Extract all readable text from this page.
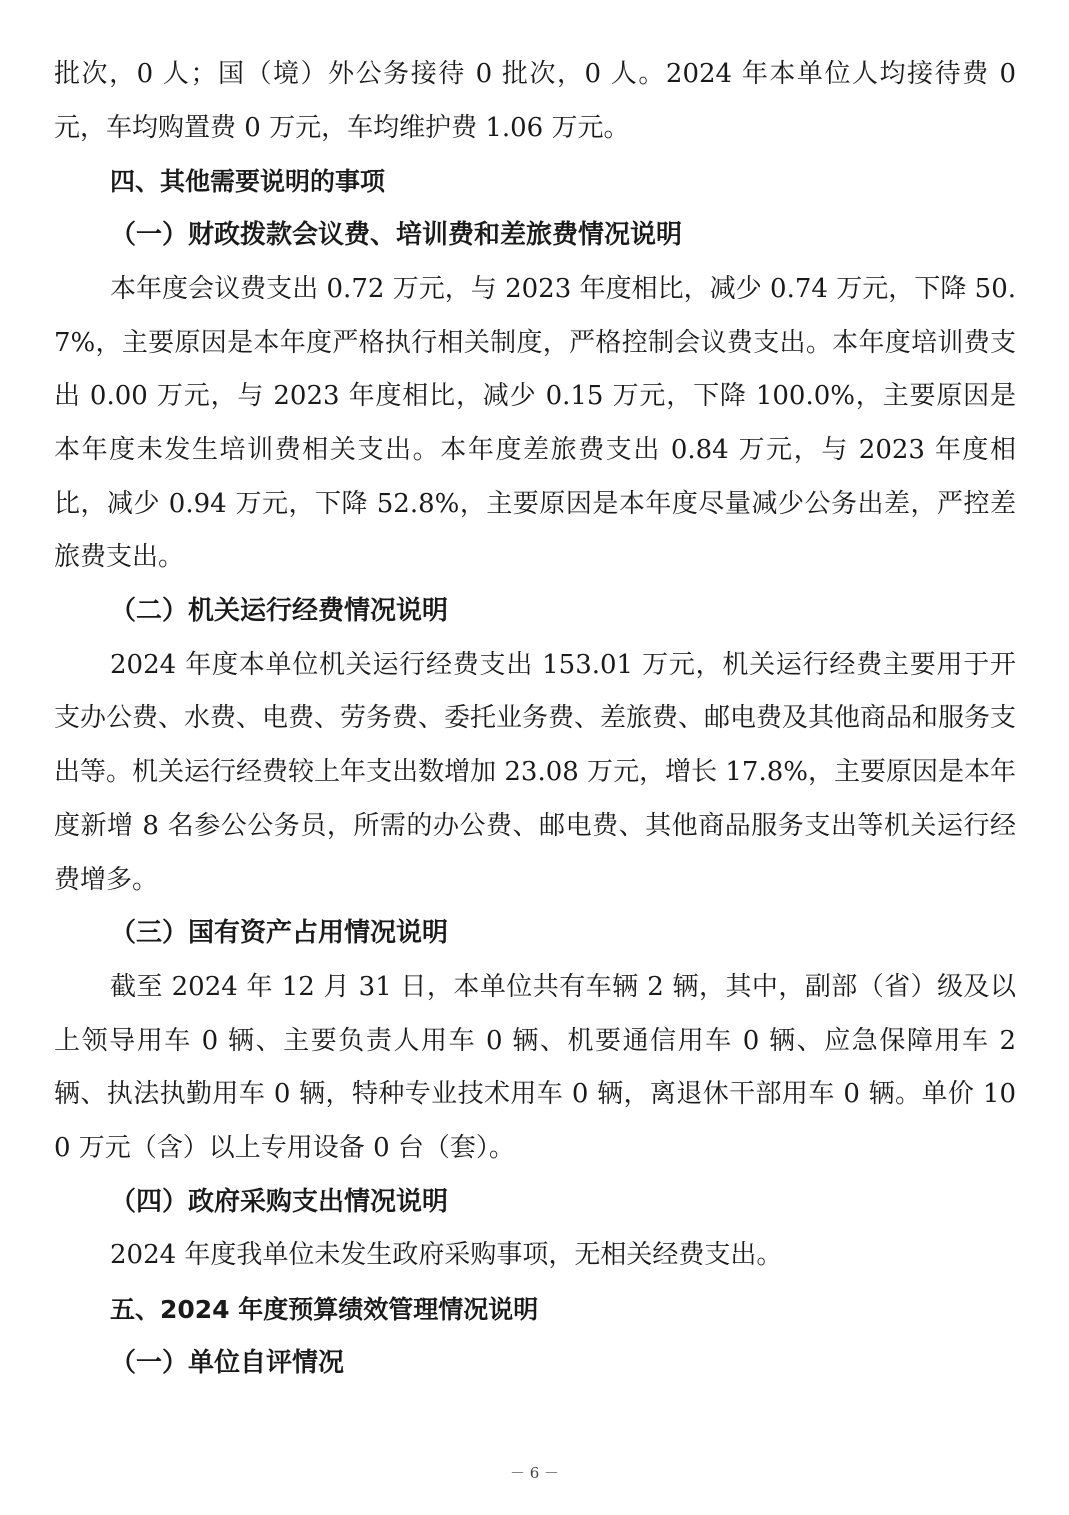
批次，0 人；国（境）外公务接待 0 批次，0 人。2024 年本单位人均接待费 0 元，车均购置费 0 万元，车均维护费 1.06 万元。

四、其他需要说明的事项
（一）财政拨款会议费、培训费和差旅费情况说明

本年度会议费支出 0.72 万元，与 2023 年度相比，减少 0.74 万元，下降 50.7%，主要原因是本年度严格执行相关制度，严格控制会议费支出。本年度培训费支出 0.00 万元，与 2023 年度相比，减少 0.15 万元，下降 100.0%，主要原因是本年度未发生培训费相关支出。本年度差旅费支出 0.84 万元，与 2023 年度相比，减少 0.94 万元，下降 52.8%，主要原因是本年度尽量减少公务出差，严控差旅费支出。

（二）机关运行经费情况说明

2024 年度本单位机关运行经费支出 153.01 万元，机关运行经费主要用于开支办公费、水费、电费、劳务费、委托业务费、差旅费、邮电费及其他商品和服务支出等。机关运行经费较上年支出数增加 23.08 万元，增长 17.8%，主要原因是本年度新增 8 名参公公务员，所需的办公费、邮电费、其他商品服务支出等机关运行经费增多。

（三）国有资产占用情况说明

截至 2024 年 12 月 31 日，本单位共有车辆 2 辆，其中，副部（省）级及以上领导用车 0 辆、主要负责人用车 0 辆、机要通信用车 0 辆、应急保障用车 2 辆、执法执勤用车 0 辆，特种专业技术用车 0 辆，离退休干部用车 0 辆。单价 100 万元（含）以上专用设备 0 台（套）。

（四）政府采购支出情况说明

2024 年度我单位未发生政府采购事项，无相关经费支出。

五、2024 年度预算绩效管理情况说明
（一）单位自评情况
－ 6 －
